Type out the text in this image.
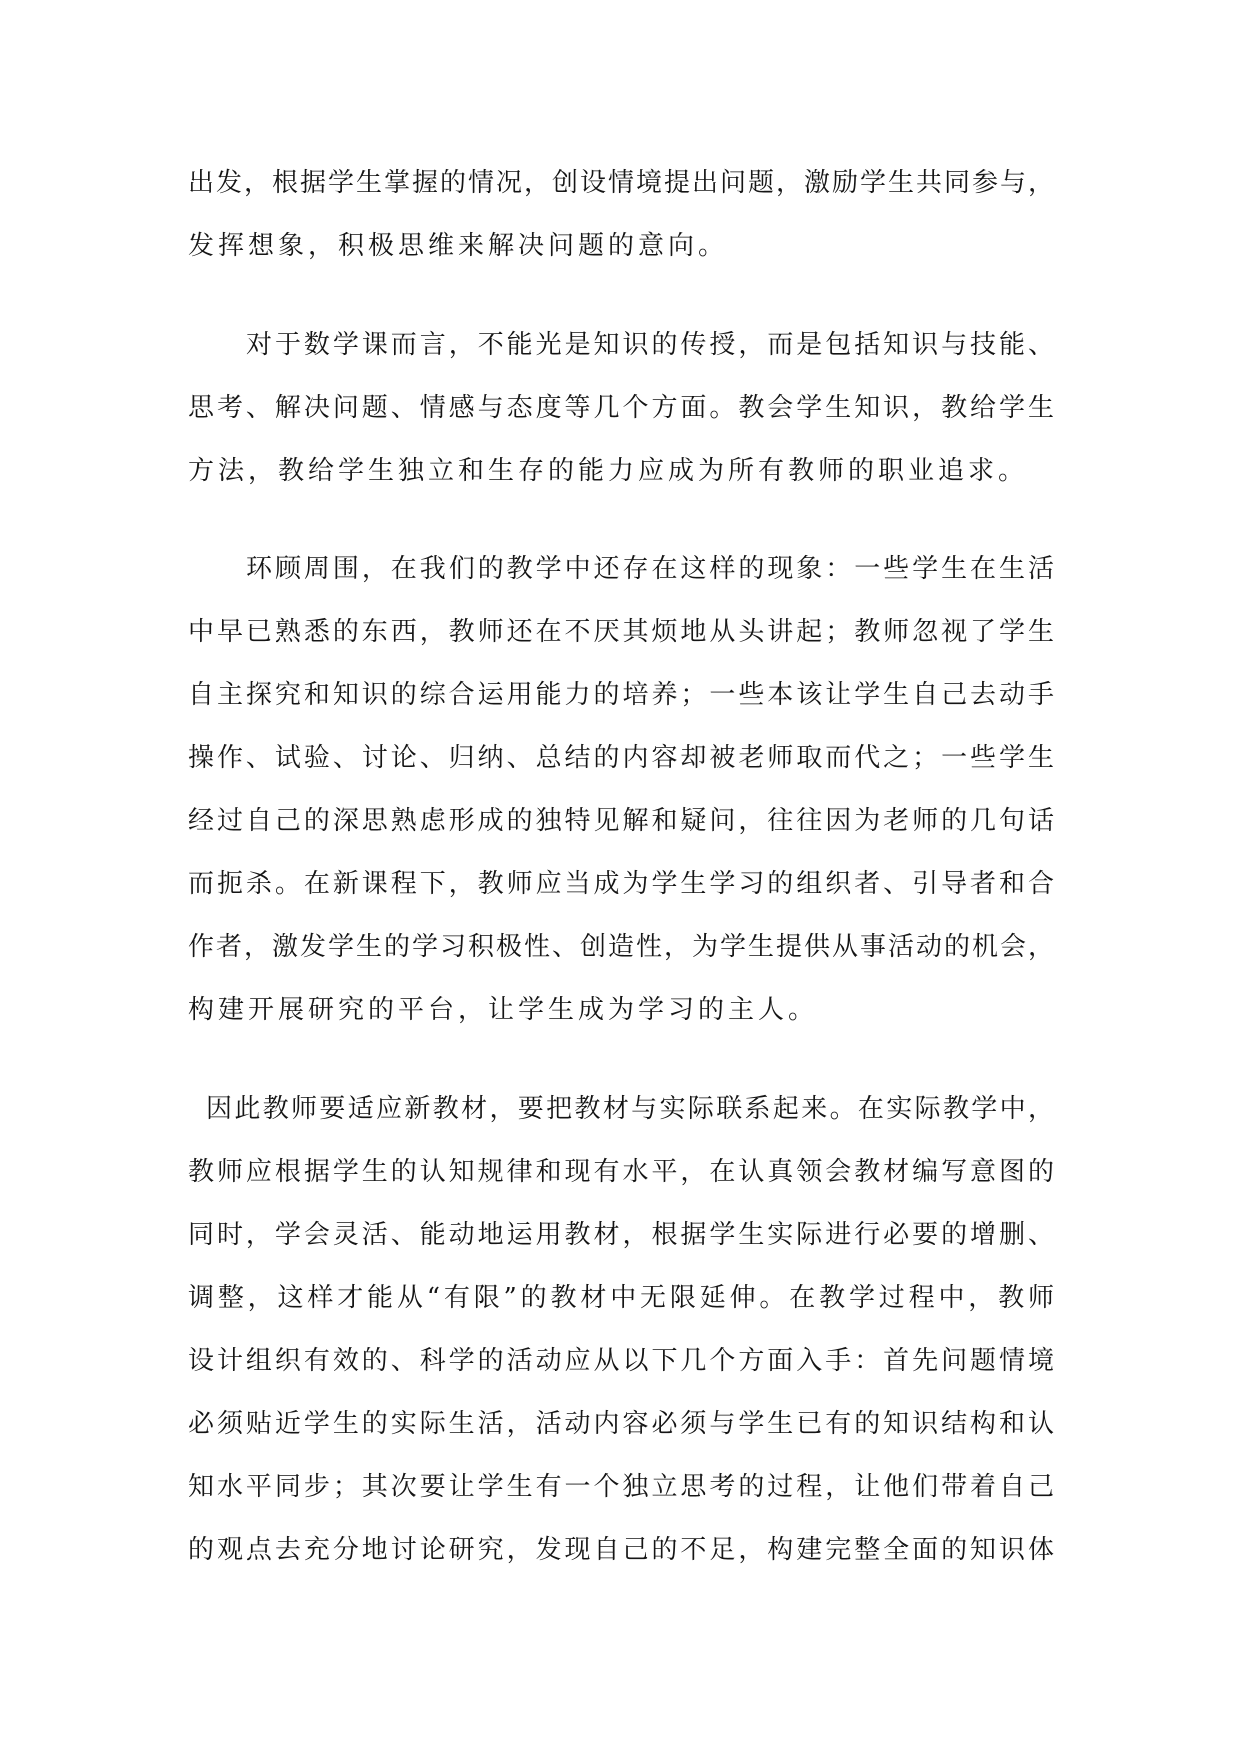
出发，根据学生掌握的情况，创设情境提出问题，激励学生共同参与，
发挥想象，积极思维来解决问题的意向。
对于数学课而言，不能光是知识的传授，而是包括知识与技能、
思考、解决问题、情感与态度等几个方面。教会学生知识，教给学生
方法，教给学生独立和生存的能力应成为所有教师的职业追求。
环顾周围，在我们的教学中还存在这样的现象：一些学生在生活
中早已熟悉的东西，教师还在不厌其烦地从头讲起；教师忽视了学生
自主探究和知识的综合运用能力的培养；一些本该让学生自己去动手
操作、试验、讨论、归纳、总结的内容却被老师取而代之；一些学生
经过自己的深思熟虑形成的独特见解和疑问，往往因为老师的几句话
而扼杀。在新课程下，教师应当成为学生学习的组织者、引导者和合
作者，激发学生的学习积极性、创造性，为学生提供从事活动的机会，
构建开展研究的平台，让学生成为学习的主人。
因此教师要适应新教材，要把教材与实际联系起来。在实际教学中，
教师应根据学生的认知规律和现有水平，在认真领会教材编写意图的
同时，学会灵活、能动地运用教材，根据学生实际进行必要的增删、
调整，这样才能从“有限”的教材中无限延伸。在教学过程中，教师
设计组织有效的、科学的活动应从以下几个方面入手：首先问题情境
必须贴近学生的实际生活，活动内容必须与学生已有的知识结构和认
知水平同步；其次要让学生有一个独立思考的过程，让他们带着自己
的观点去充分地讨论研究，发现自己的不足，构建完整全面的知识体
